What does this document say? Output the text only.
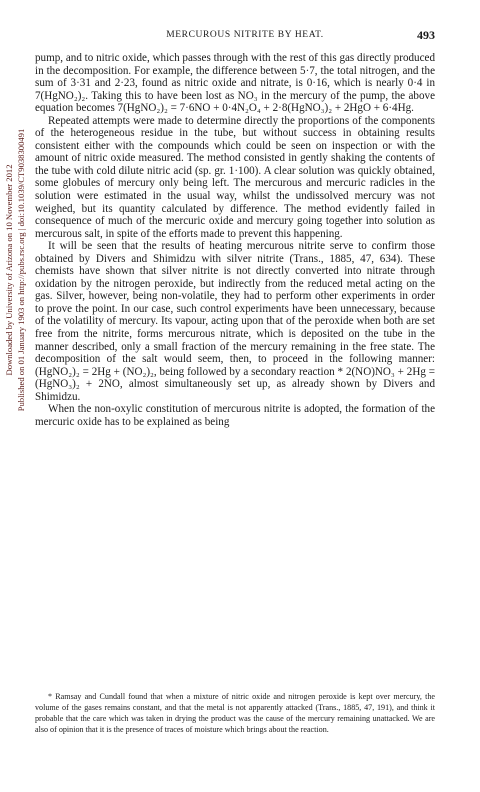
Downloaded by University of Arizona on 10 November 2012 Published on 01 January 1903 on http://pubs.rsc.org | doi:10.1039/CT9038300491
MERCUROUS NITRITE BY HEAT.	493

pump, and to nitric oxide, which passes through with the rest of this gas directly produced in the decomposition. For example, the difference between 5·7, the total nitrogen, and the sum of 3·31 and 2·23, found as nitric oxide and nitrate, is 0·16, which is nearly 0·4 in 7(HgNO₂)₂. Taking this to have been lost as NO₃ in the mercury of the pump, the above equation becomes 7(HgNO₂)₂ = 7·6NO + 0·4N₂O₄ + 2·8(HgNO₃)₂ + 2HgO + 6·4Hg.

Repeated attempts were made to determine directly the proportions of the components of the heterogeneous residue in the tube, but without success in obtaining results consistent either with the compounds which could be seen on inspection or with the amount of nitric oxide measured. The method consisted in gently shaking the contents of the tube with cold dilute nitric acid (sp. gr. 1·100). A clear solution was quickly obtained, some globules of mercury only being left. The mercurous and mercuric radicles in the solution were estimated in the usual way, whilst the undissolved mercury was not weighed, but its quantity calculated by difference. The method evidently failed in consequence of much of the mercuric oxide and mercury going together into solution as mercurous salt, in spite of the efforts made to prevent this happening.

It will be seen that the results of heating mercurous nitrite serve to confirm those obtained by Divers and Shimidzu with silver nitrite (Trans., 1885, 47, 634). These chemists have shown that silver nitrite is not directly converted into nitrate through oxidation by the nitrogen peroxide, but indirectly from the reduced metal acting on the gas. Silver, however, being non-volatile, they had to perform other experiments in order to prove the point. In our case, such control experiments have been unnecessary, because of the volatility of mercury. Its vapour, acting upon that of the peroxide when both are set free from the nitrite, forms mercurous nitrate, which is deposited on the tube in the manner described, only a small fraction of the mercury remaining in the free state. The decomposition of the salt would seem, then, to proceed in the following manner: (HgNO₂)₂ = 2Hg + (NO₂)₂, being followed by a secondary reaction * 2(NO)NO₃ + 2Hg = (HgNO₃)₂ + 2NO, almost simultaneously set up, as already shown by Divers and Shimidzu.

When the non-oxylic constitution of mercurous nitrite is adopted, the formation of the mercuric oxide has to be explained as being

* Ramsay and Cundall found that when a mixture of nitric oxide and nitrogen peroxide is kept over mercury, the volume of the gases remains constant, and that the metal is not apparently attacked (Trans., 1885, 47, 191), and think it probable that the care which was taken in drying the product was the cause of the mercury remaining unattacked. We are also of opinion that it is the presence of traces of moisture which brings about the reaction.
